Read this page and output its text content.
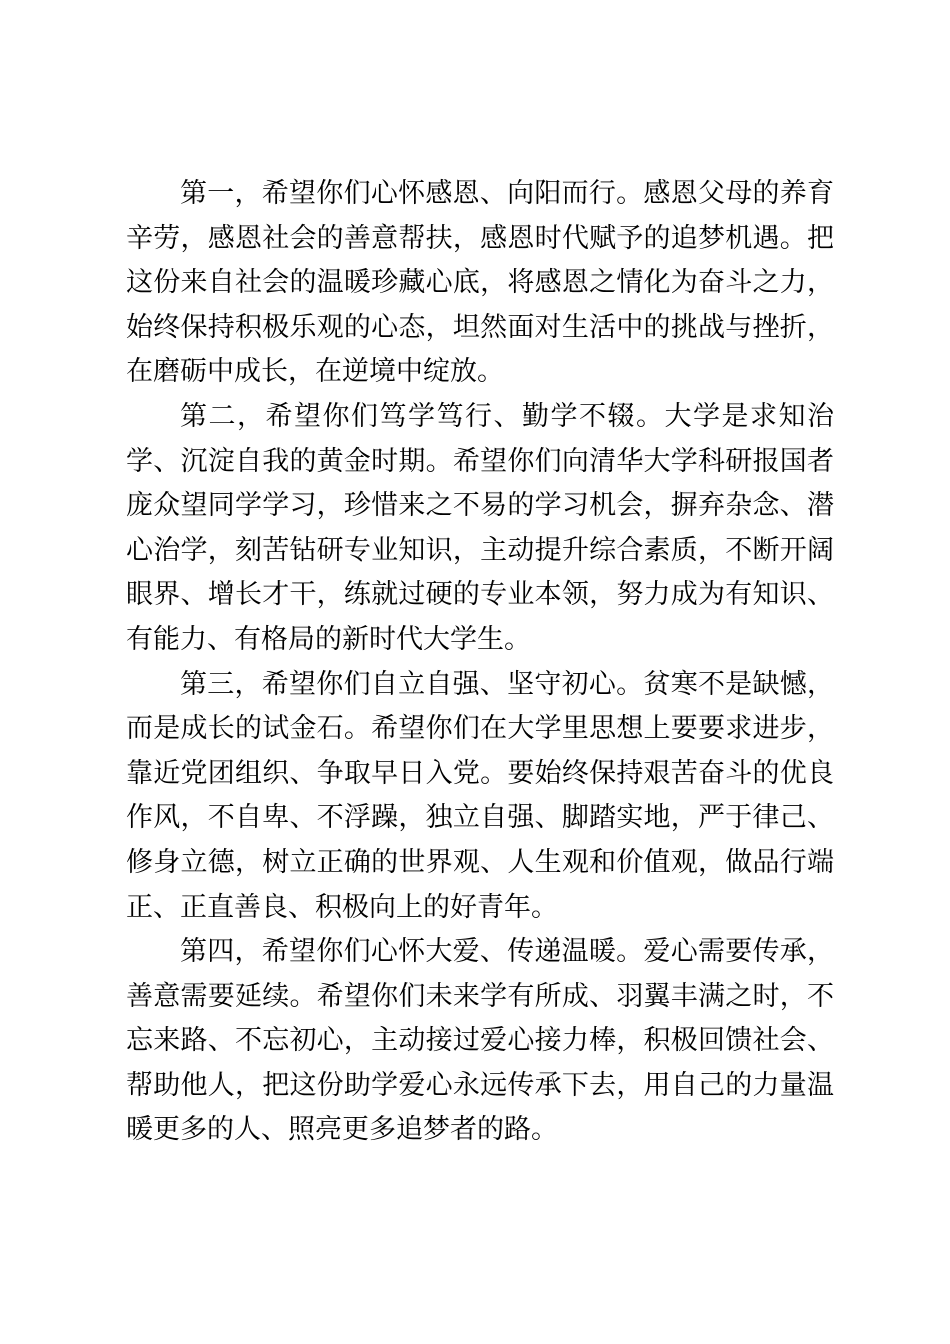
第一，希望你们心怀感恩、向阳而行。感恩父母的养育辛劳，感恩社会的善意帮扶，感恩时代赋予的追梦机遇。把这份来自社会的温暖珍藏心底，将感恩之情化为奋斗之力，始终保持积极乐观的心态，坦然面对生活中的挑战与挫折，在磨砺中成长，在逆境中绽放。

第二，希望你们笃学笃行、勤学不辍。大学是求知治学、沉淀自我的黄金时期。希望你们向清华大学科研报国者庞众望同学学习，珍惜来之不易的学习机会，摒弃杂念、潜心治学，刻苦钻研专业知识，主动提升综合素质，不断开阔眼界、增长才干，练就过硬的专业本领，努力成为有知识、有能力、有格局的新时代大学生。

第三，希望你们自立自强、坚守初心。贫寒不是缺憾，而是成长的试金石。希望你们在大学里思想上要要求进步，靠近党团组织、争取早日入党。要始终保持艰苦奋斗的优良作风，不自卑、不浮躁，独立自强、脚踏实地，严于律己、修身立德，树立正确的世界观、人生观和价值观，做品行端正、正直善良、积极向上的好青年。

第四，希望你们心怀大爱、传递温暖。爱心需要传承，善意需要延续。希望你们未来学有所成、羽翼丰满之时，不忘来路、不忘初心，主动接过爱心接力棒，积极回馈社会、帮助他人，把这份助学爱心永远传承下去，用自己的力量温暖更多的人、照亮更多追梦者的路。
